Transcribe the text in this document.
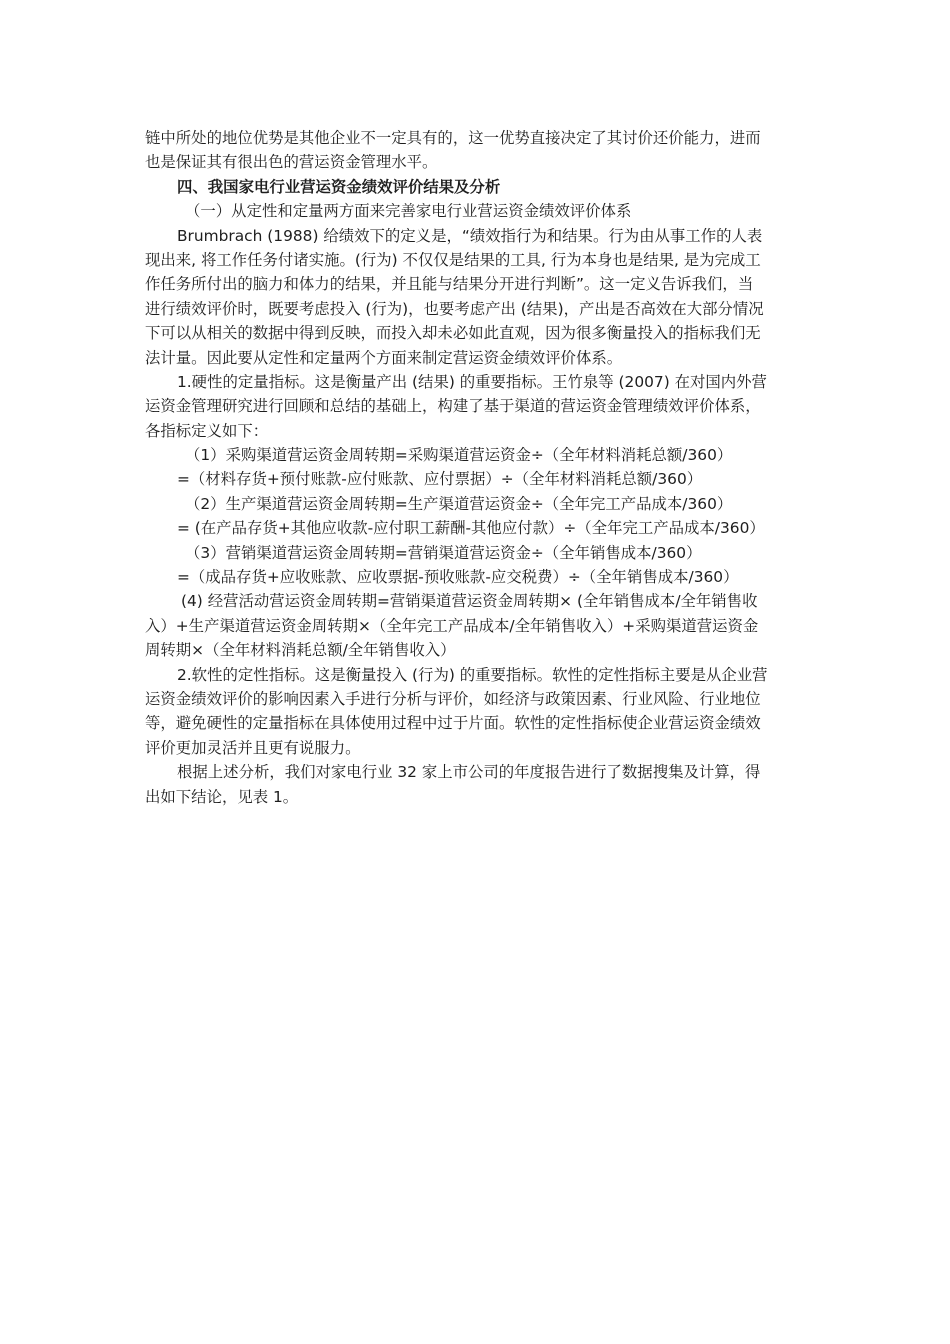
链中所处的地位优势是其他企业不一定具有的，这一优势直接决定了其讨价还价能力，进而
也是保证其有很出色的营运资金管理水平。
四、我国家电行业营运资金绩效评价结果及分析
（一）从定性和定量两方面来完善家电行业营运资金绩效评价体系
Brumbrach (1988) 给绩效下的定义是，“绩效指行为和结果。行为由从事工作的人表
现出来, 将工作任务付诸实施。(行为) 不仅仅是结果的工具, 行为本身也是结果, 是为完成工
作任务所付出的脑力和体力的结果，并且能与结果分开进行判断”。这一定义告诉我们，当
进行绩效评价时，既要考虑投入 (行为)，也要考虑产出 (结果)，产出是否高效在大部分情况
下可以从相关的数据中得到反映，而投入却未必如此直观，因为很多衡量投入的指标我们无
法计量。因此要从定性和定量两个方面来制定营运资金绩效评价体系。
1.硬性的定量指标。这是衡量产出 (结果) 的重要指标。王竹泉等 (2007) 在对国内外营
运资金管理研究进行回顾和总结的基础上，构建了基于渠道的营运资金管理绩效评价体系，
各指标定义如下：
（1）采购渠道营运资金周转期=采购渠道营运资金÷（全年材料消耗总额/360）
=（材料存货+预付账款-应付账款、应付票据）÷（全年材料消耗总额/360）
（2）生产渠道营运资金周转期=生产渠道营运资金÷（全年完工产品成本/360）
= (在产品存货+其他应收款-应付职工薪酬-其他应付款）÷（全年完工产品成本/360）
（3）营销渠道营运资金周转期=营销渠道营运资金÷（全年销售成本/360）
=（成品存货+应收账款、应收票据-预收账款-应交税费）÷（全年销售成本/360）
(4) 经营活动营运资金周转期=营销渠道营运资金周转期× (全年销售成本/全年销售收
入）+生产渠道营运资金周转期×（全年完工产品成本/全年销售收入）+采购渠道营运资金
周转期×（全年材料消耗总额/全年销售收入）
2.软性的定性指标。这是衡量投入 (行为) 的重要指标。软性的定性指标主要是从企业营
运资金绩效评价的影响因素入手进行分析与评价，如经济与政策因素、行业风险、行业地位
等，避免硬性的定量指标在具体使用过程中过于片面。软性的定性指标使企业营运资金绩效
评价更加灵活并且更有说服力。
根据上述分析，我们对家电行业 32 家上市公司的年度报告进行了数据搜集及计算，得
出如下结论，见表 1。
